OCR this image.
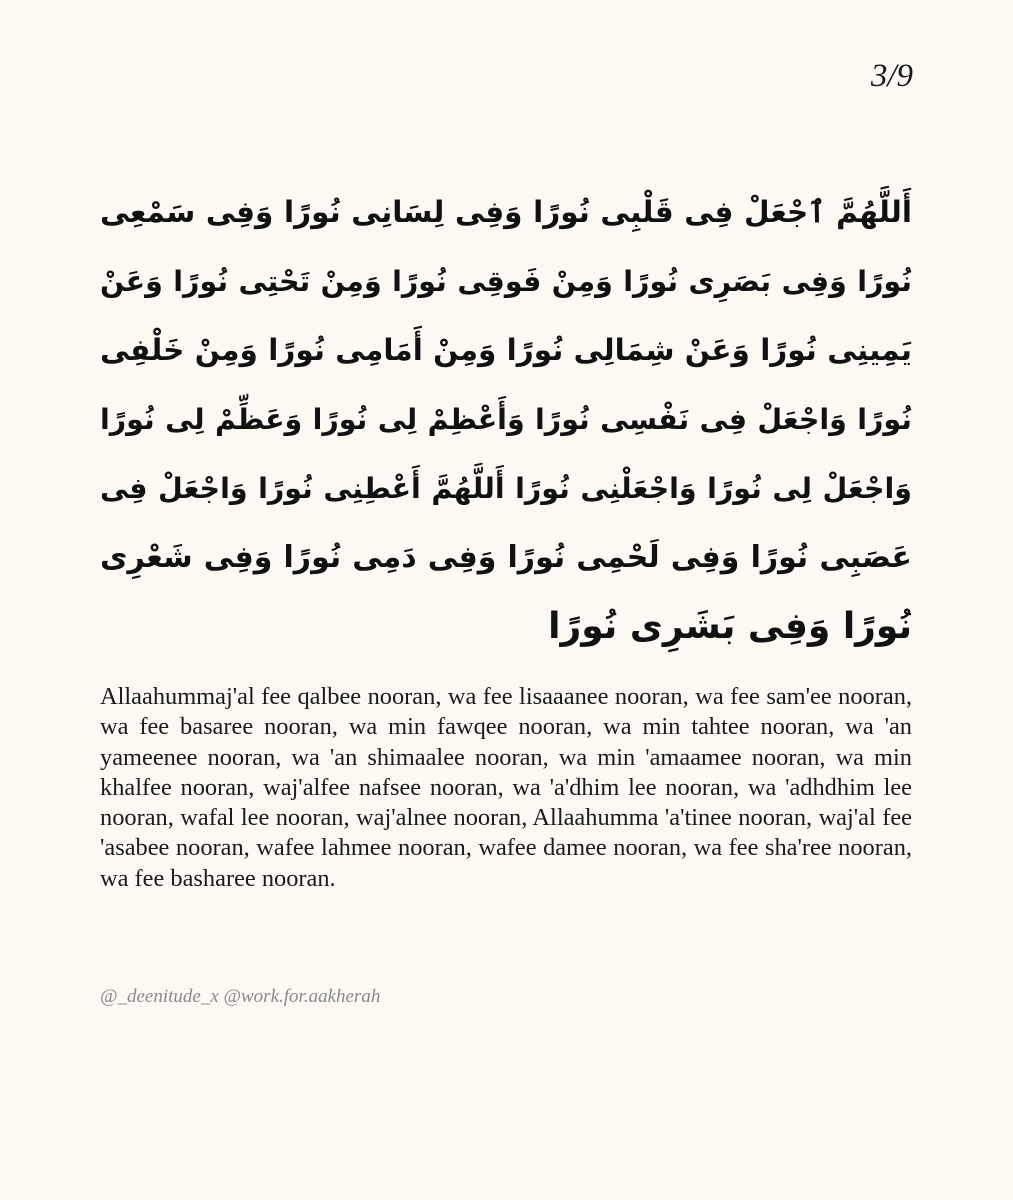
3/9
أَللَّهُمَّ ٱجْعَلْ فِى قَلْبِى نُورًا وَفِى لِسَانِى نُورًا وَفِى سَمْعِى
نُورًا وَفِى بَصَرِى نُورًا وَمِنْ فَوقِى نُورًا وَمِنْ تَحْتِى نُورًا وَعَنْ
يَمِينِى نُورًا وَعَنْ شِمَالِى نُورًا وَمِنْ أَمَامِى نُورًا وَمِنْ خَلْفِى
نُورًا وَاجْعَلْ فِى نَفْسِى نُورًا وَأَعْظِمْ لِى نُورًا وَعَظِّمْ لِى نُورًا
وَاجْعَلْ لِى نُورًا وَاجْعَلْنِى نُورًا أَللَّهُمَّ أَعْطِنِى نُورًا وَاجْعَلْ فِى
عَصَبِى نُورًا وَفِى لَحْمِى نُورًا وَفِى دَمِى نُورًا وَفِى شَعْرِى
نُورًا وَفِى بَشَرِى نُورًا
Allaahummaj'al fee qalbee nooran, wa fee lisaaanee nooran, wa fee sam'ee nooran, wa fee basaree nooran, wa min fawqee nooran, wa min tahtee nooran, wa 'an yameenee nooran, wa 'an shimaalee nooran, wa min 'amaamee nooran, wa min khalfee nooran, waj'alfee nafsee nooran, wa 'a'dhim lee nooran, wa 'adhdhim lee nooran, wafal lee nooran, waj'alnee nooran, Allaahumma 'a'tinee nooran, waj'al fee 'asabee nooran, wafee lahmee nooran, wafee damee nooran, wa fee sha'ree nooran, wa fee basharee nooran.
@_deenitude_x @work.for.aakherah
